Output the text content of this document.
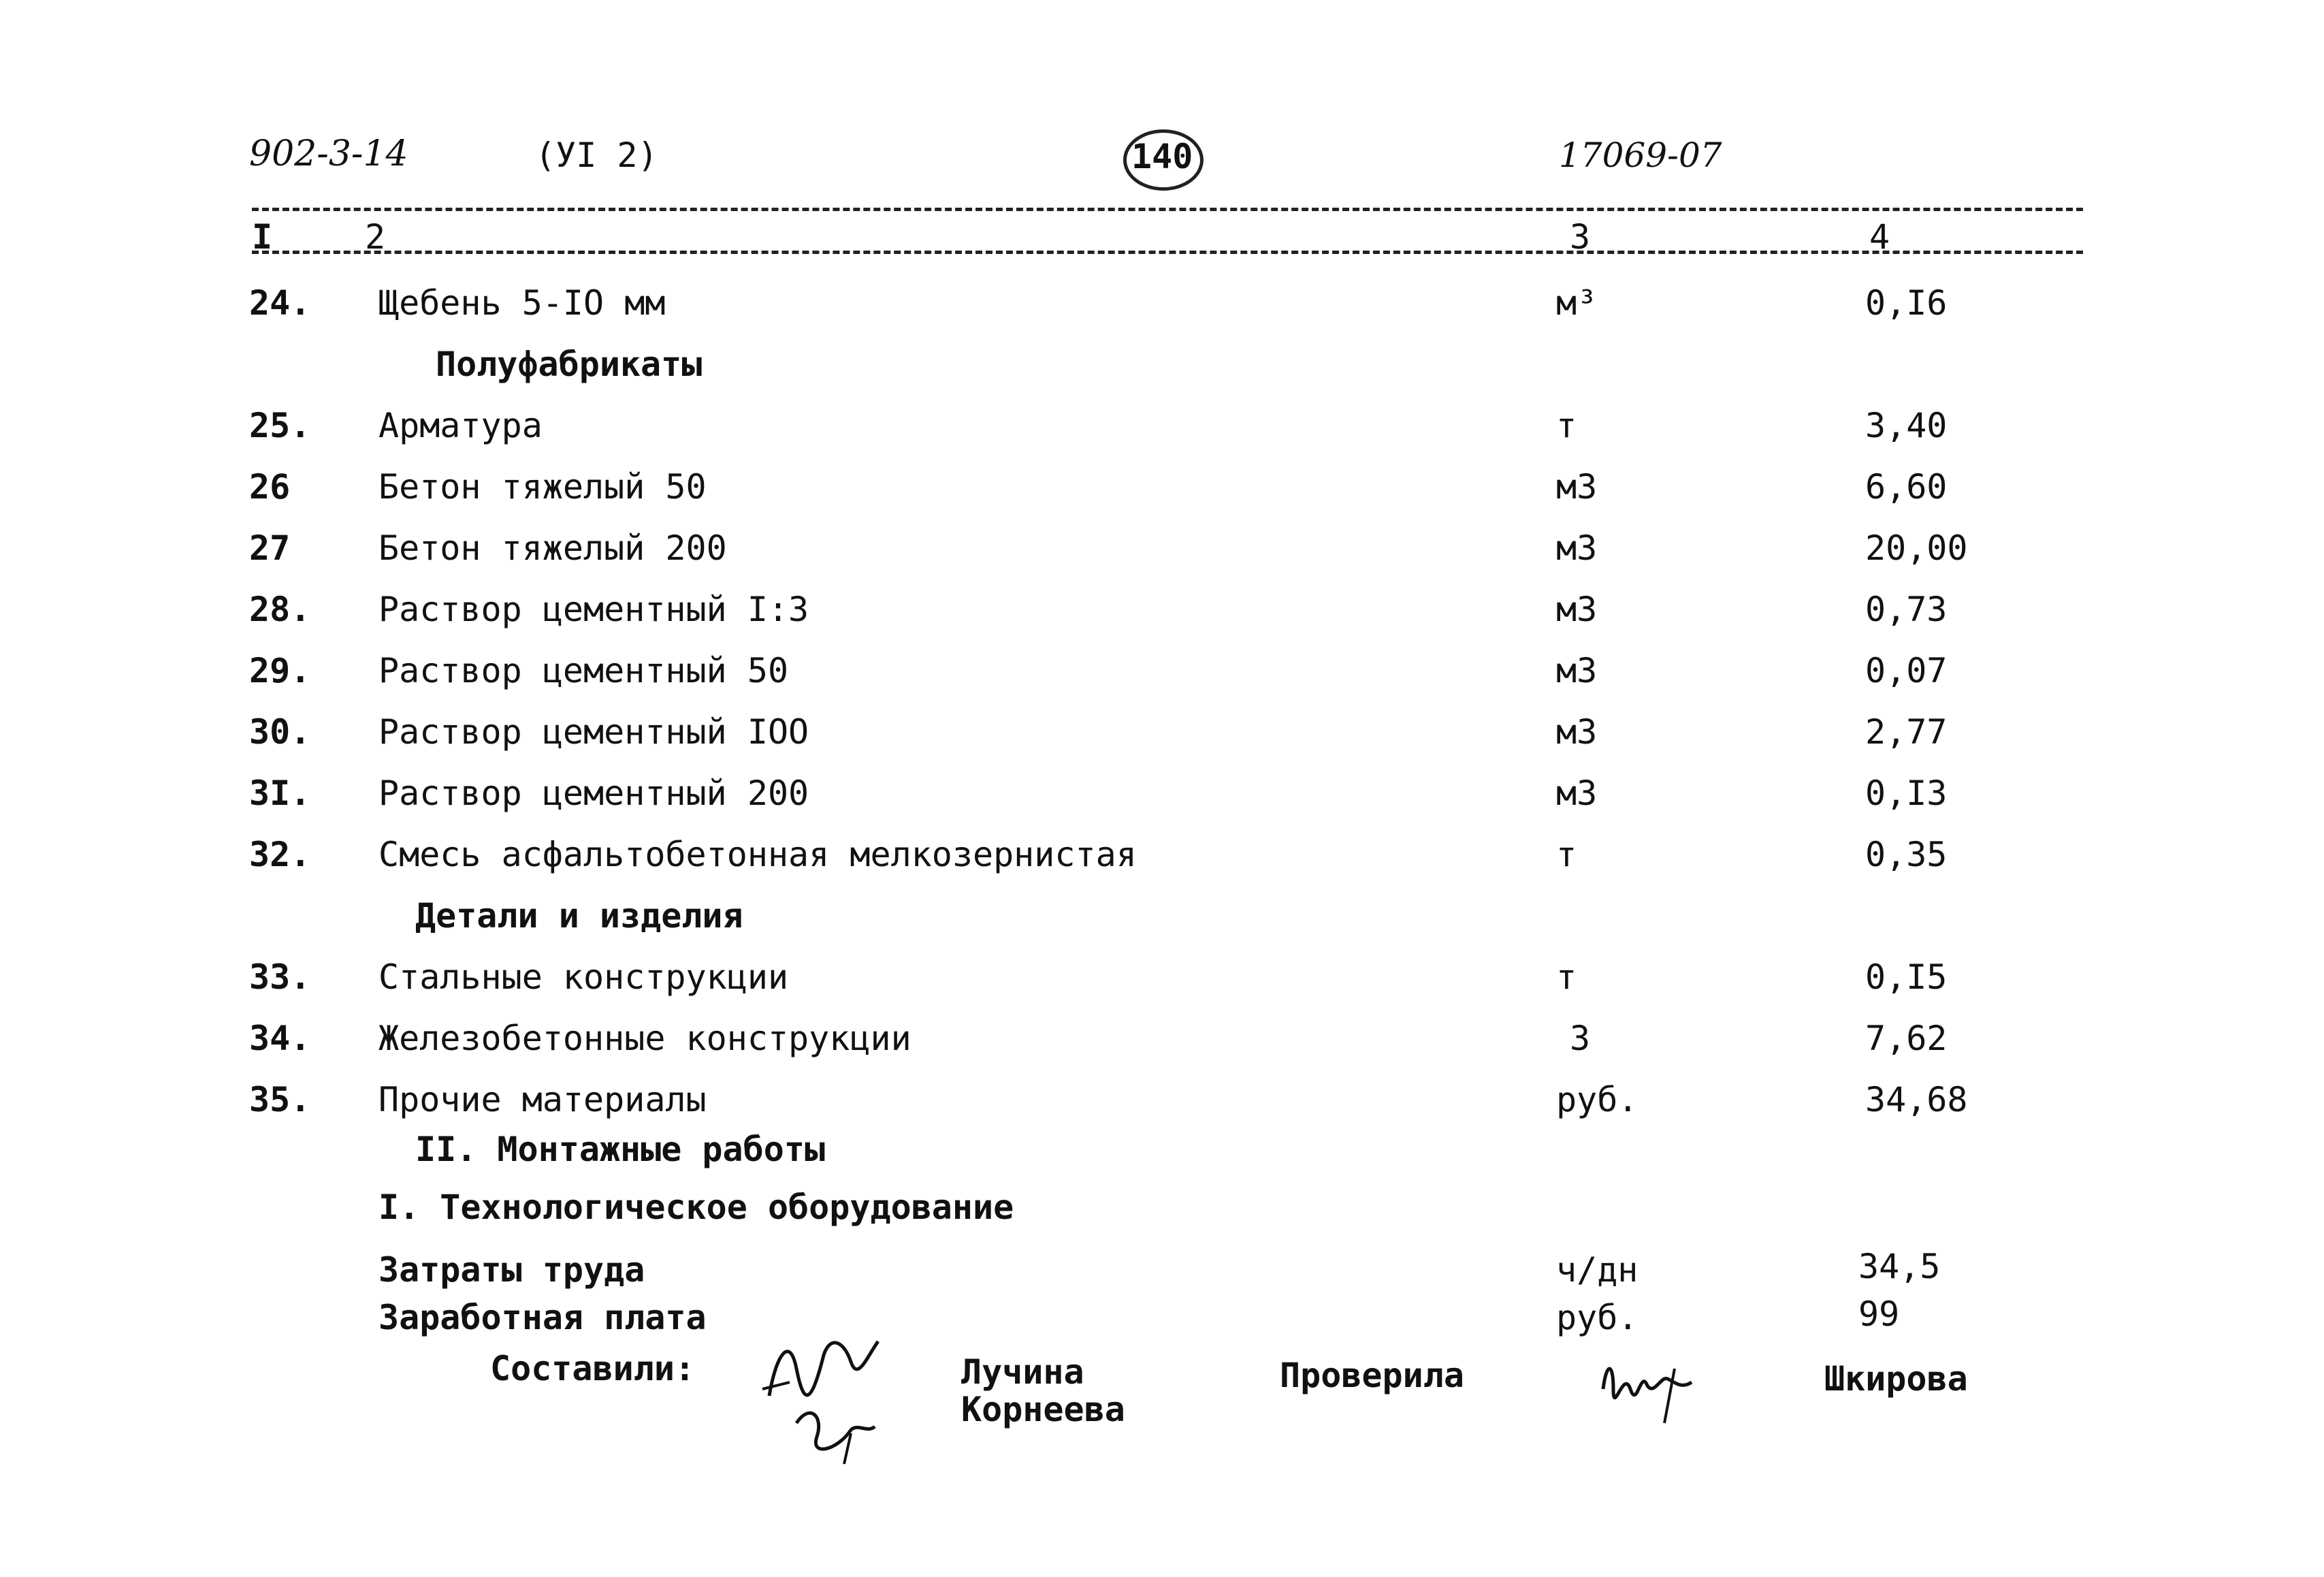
902-3-14	(УI 2)	140	17069-07
I	2	3	4
24. Щебень 5-IO мм	м³	0,I6
Полуфабрикаты
25. Арматура	т	3,40
26	Бетон тяжелый 50	м3	6,60
27	Бетон тяжелый 200	м3	20,00
28. Раствор цементный I:3	м3	0,73
29. Раствор цементный 50	м3	0,07
30. Раствор цементный IOO	м3	2,77
3I. Раствор цементный 200	м3	0,I3
32. Смесь асфальтобетонная мелкозернистая	т	0,35
Детали и изделия
33. Стальные конструкции	т	0,I5
34. Железобетонные конструкции	3	7,62
35. Прочие материалы	руб.	34,68
II. Монтажные работы
I. Технологическое оборудование
Затраты труда	ч/дн	34,5
Заработная плата	руб.	99
Составили:	Лучина
Корнеева
Проверила	Шкирова
